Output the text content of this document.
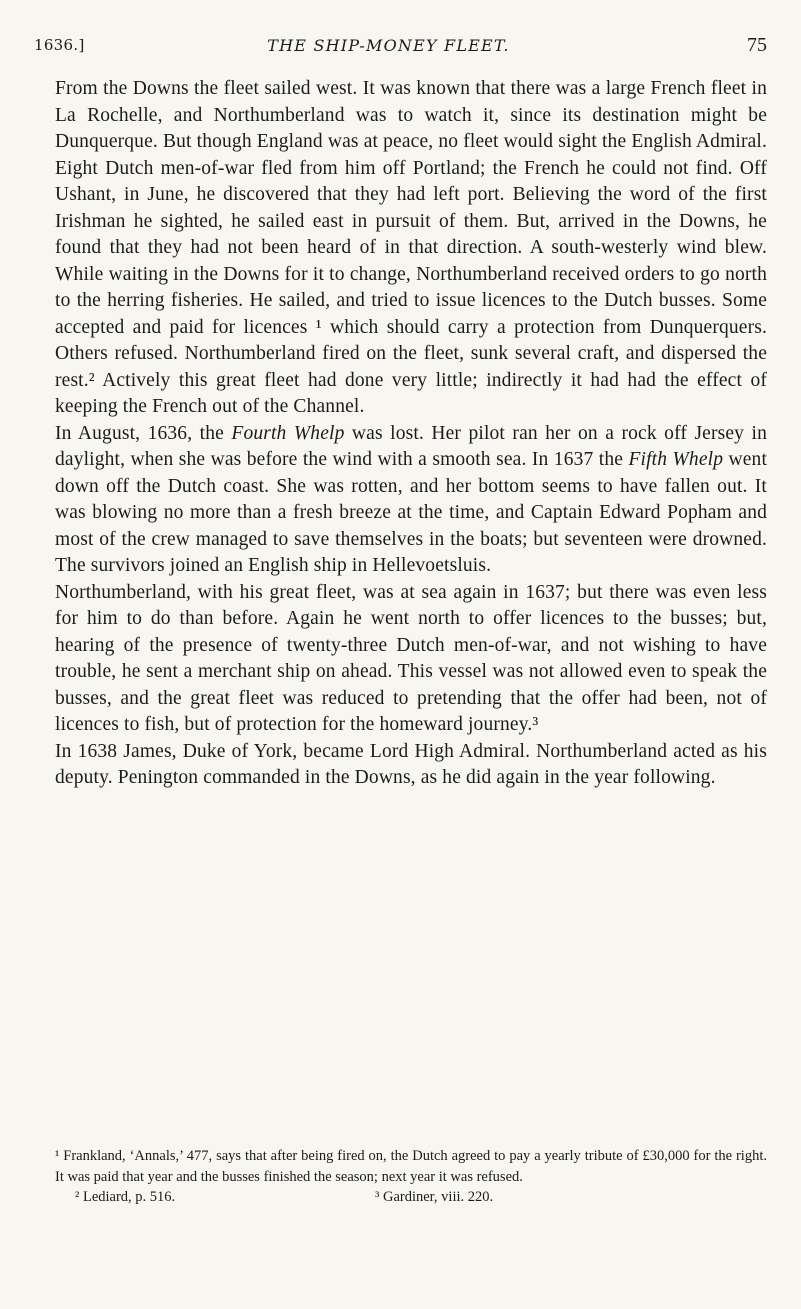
1636.]	THE SHIP-MONEY FLEET.	75

From the Downs the fleet sailed west. It was known that there was a large French fleet in La Rochelle, and Northumberland was to watch it, since its destination might be Dunquerque. But though England was at peace, no fleet would sight the English Admiral. Eight Dutch men-of-war fled from him off Portland; the French he could not find. Off Ushant, in June, he discovered that they had left port. Believing the word of the first Irishman he sighted, he sailed east in pursuit of them. But, arrived in the Downs, he found that they had not been heard of in that direction. A south-westerly wind blew. While waiting in the Downs for it to change, Northumberland received orders to go north to the herring fisheries. He sailed, and tried to issue licences to the Dutch busses. Some accepted and paid for licences ¹ which should carry a protection from Dunquerquers. Others refused. Northumberland fired on the fleet, sunk several craft, and dispersed the rest.² Actively this great fleet had done very little; indirectly it had had the effect of keeping the French out of the Channel.

In August, 1636, the Fourth Whelp was lost. Her pilot ran her on a rock off Jersey in daylight, when she was before the wind with a smooth sea. In 1637 the Fifth Whelp went down off the Dutch coast. She was rotten, and her bottom seems to have fallen out. It was blowing no more than a fresh breeze at the time, and Captain Edward Popham and most of the crew managed to save themselves in the boats; but seventeen were drowned. The survivors joined an English ship in Hellevoetsluis.

Northumberland, with his great fleet, was at sea again in 1637; but there was even less for him to do than before. Again he went north to offer licences to the busses; but, hearing of the presence of twenty-three Dutch men-of-war, and not wishing to have trouble, he sent a merchant ship on ahead. This vessel was not allowed even to speak the busses, and the great fleet was reduced to pretending that the offer had been, not of licences to fish, but of protection for the homeward journey.³

In 1638 James, Duke of York, became Lord High Admiral. Northumberland acted as his deputy. Penington commanded in the Downs, as he did again in the year following.

¹ Frankland, ‘Annals,’ 477, says that after being fired on, the Dutch agreed to pay a yearly tribute of £30,000 for the right. It was paid that year and the busses finished the season; next year it was refused.
² Lediard, p. 516.	³ Gardiner, viii. 220.
